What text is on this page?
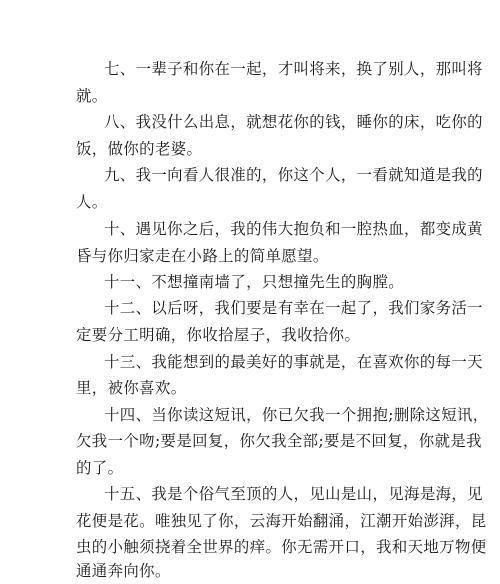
七、一辈子和你在一起，才叫将来，换了别人，那叫将
就。
八、我没什么出息，就想花你的钱，睡你的床，吃你的
饭，做你的老婆。
九、我一向看人很准的，你这个人，一看就知道是我的
人。
十、遇见你之后，我的伟大抱负和一腔热血，都变成黄
昏与你归家走在小路上的简单愿望。
十一、不想撞南墙了，只想撞先生的胸膛。
十二、以后呀，我们要是有幸在一起了，我们家务活一
定要分工明确，你收拾屋子，我收拾你。
十三、我能想到的最美好的事就是，在喜欢你的每一天
里，被你喜欢。
十四、当你读这短讯，你已欠我一个拥抱;删除这短讯，
欠我一个吻;要是回复，你欠我全部;要是不回复，你就是我
的了。
十五、我是个俗气至顶的人，见山是山，见海是海，见
花便是花。唯独见了你，云海开始翻涌，江潮开始澎湃，昆
虫的小触须挠着全世界的痒。你无需开口，我和天地万物便
通通奔向你。
